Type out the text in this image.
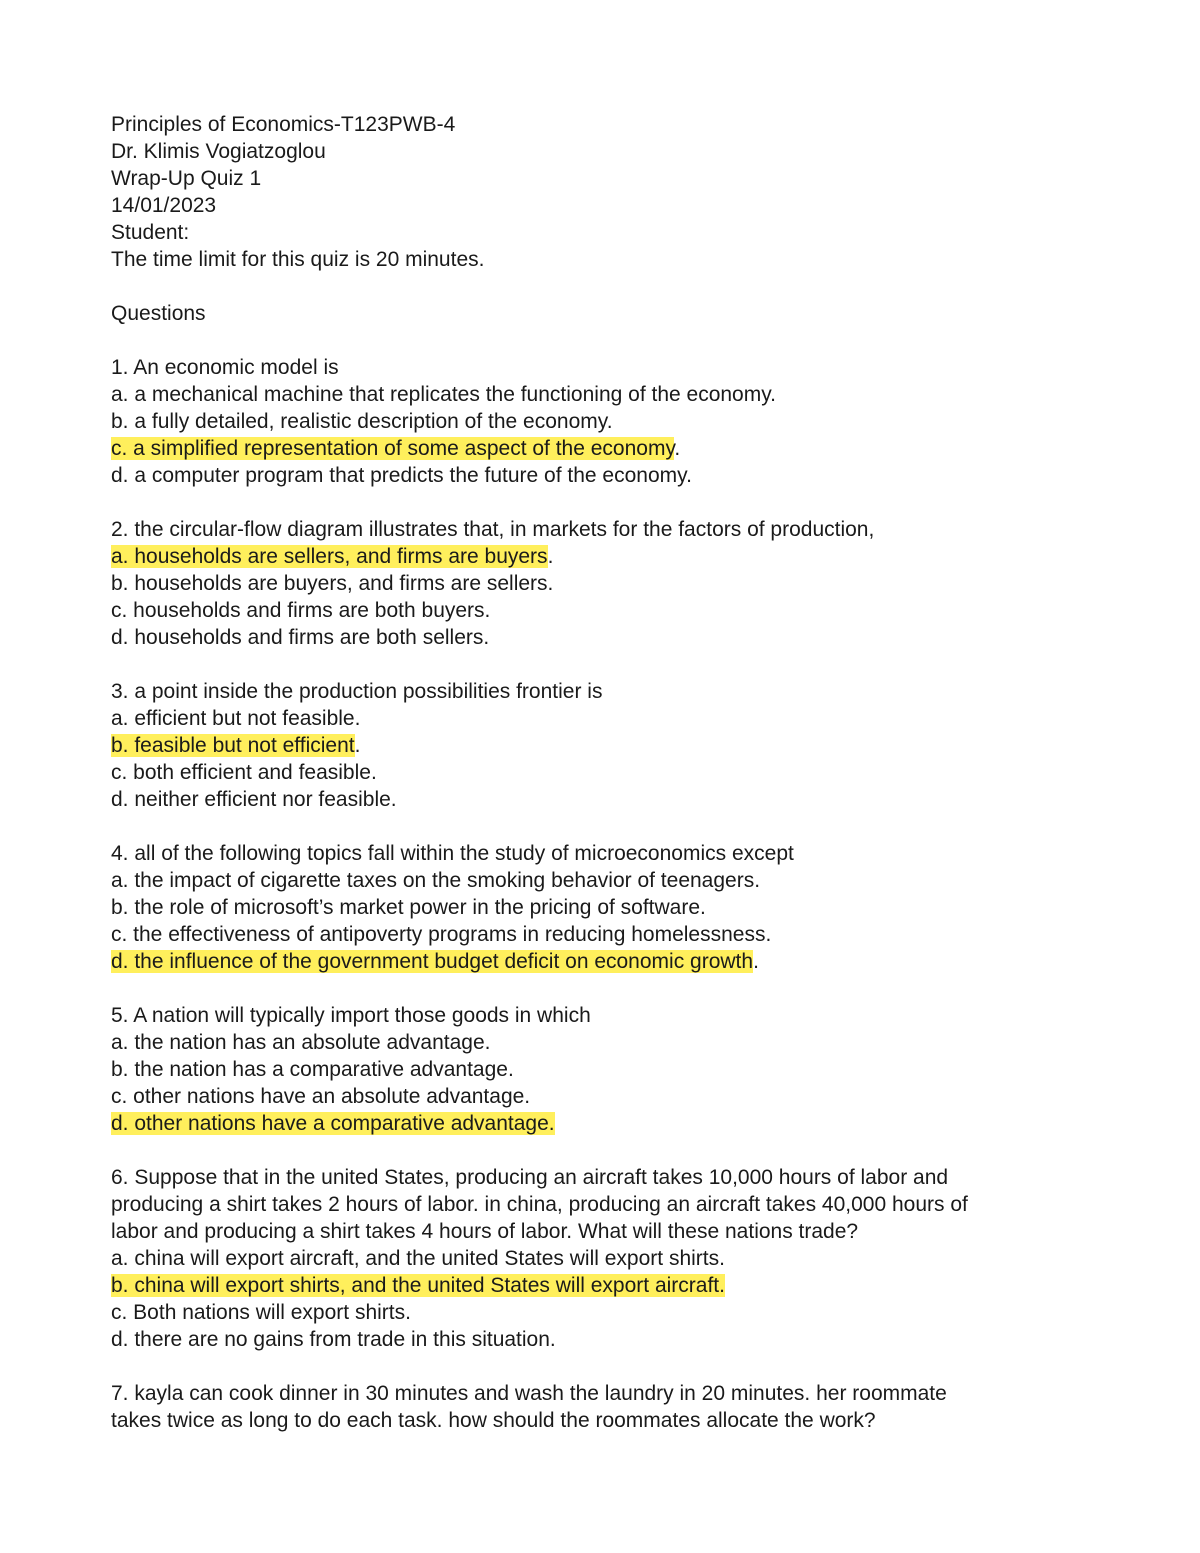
Principles of Economics-T123PWB-4
Dr. Klimis Vogiatzoglou
Wrap-Up Quiz 1
14/01/2023
Student:
The time limit for this quiz is 20 minutes.
Questions
1. An economic model is
a. a mechanical machine that replicates the functioning of the economy.
b. a fully detailed, realistic description of the economy.
c. a simplified representation of some aspect of the economy.
d. a computer program that predicts the future of the economy.
2. the circular-flow diagram illustrates that, in markets for the factors of production,
a. households are sellers, and firms are buyers.
b. households are buyers, and firms are sellers.
c. households and firms are both buyers.
d. households and firms are both sellers.
3. a point inside the production possibilities frontier is
a. efficient but not feasible.
b. feasible but not efficient.
c. both efficient and feasible.
d. neither efficient nor feasible.
4. all of the following topics fall within the study of microeconomics except
a. the impact of cigarette taxes on the smoking behavior of teenagers.
b. the role of microsoft’s market power in the pricing of software.
c. the effectiveness of antipoverty programs in reducing homelessness.
d. the influence of the government budget deficit on economic growth.
5. A nation will typically import those goods in which
a. the nation has an absolute advantage.
b. the nation has a comparative advantage.
c. other nations have an absolute advantage.
d. other nations have a comparative advantage.
6. Suppose that in the united States, producing an aircraft takes 10,000 hours of labor and
producing a shirt takes 2 hours of labor. in china, producing an aircraft takes 40,000 hours of
labor and producing a shirt takes 4 hours of labor. What will these nations trade?
a. china will export aircraft, and the united States will export shirts.
b. china will export shirts, and the united States will export aircraft.
c. Both nations will export shirts.
d. there are no gains from trade in this situation.
7. kayla can cook dinner in 30 minutes and wash the laundry in 20 minutes. her roommate
takes twice as long to do each task. how should the roommates allocate the work?
